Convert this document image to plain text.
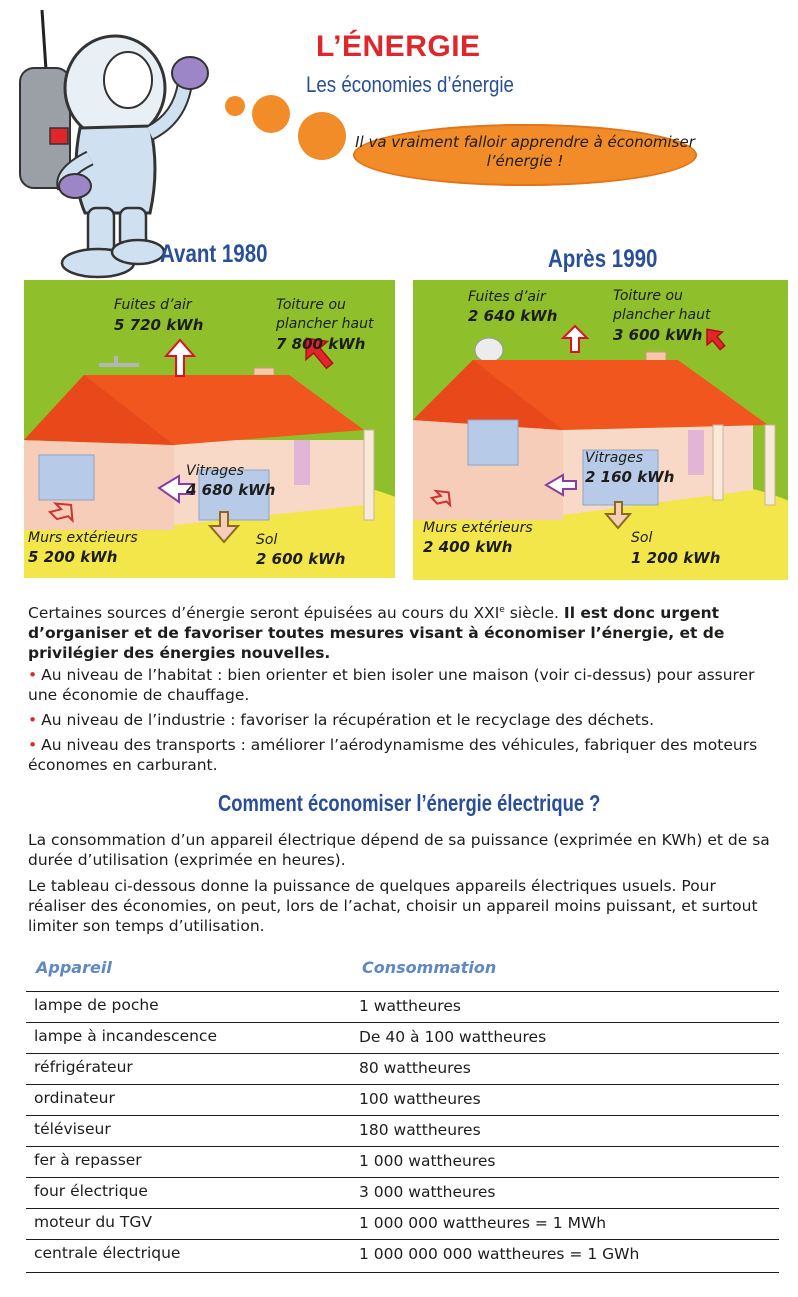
L’ÉNERGIE
Les économies d’énergie
Il va vraiment falloir apprendre à économiser l’énergie !
Avant 1980	Après 1990
Fuites d’air
5 720 kWh
Toiture ou
plancher haut
7 800 kWh
Vitrages
4 680 kWh
Murs extérieurs
5 200 kWh
Sol
2 600 kWh
Fuites d’air
2 640 kWh
Toiture ou
plancher haut
3 600 kWh
Vitrages
2 160 kWh
Murs extérieurs
2 400 kWh	Sol
1 200 kWh
Certaines sources d’énergie seront épuisées au cours du XXIe siècle. Il est donc urgent d’organiser et de favoriser toutes mesures visant à économiser l’énergie, et de privilégier des énergies nouvelles.
• Au niveau de l’habitat : bien orienter et bien isoler une maison (voir ci-dessus) pour assurer une économie de chauffage.
• Au niveau de l’industrie : favoriser la récupération et le recyclage des déchets.
• Au niveau des transports : améliorer l’aérodynamisme des véhicules, fabriquer des moteurs économes en carburant.
Comment économiser l’énergie électrique ?
La consommation d’un appareil électrique dépend de sa puissance (exprimée en KWh) et de sa durée d’utilisation (exprimée en heures).
Le tableau ci-dessous donne la puissance de quelques appareils électriques usuels. Pour réaliser des économies, on peut, lors de l’achat, choisir un appareil moins puissant, et surtout limiter son temps d’utilisation.
Appareil	Consommation
lampe de poche	1 wattheures
lampe à incandescence	De 40 à 100 wattheures
réfrigérateur	80 wattheures
ordinateur	100 wattheures
téléviseur	180 wattheures
fer à repasser	1 000 wattheures
four électrique	3 000 wattheures
moteur du TGV	1 000 000 wattheures = 1 MWh
centrale électrique	1 000 000 000 wattheures = 1 GWh
